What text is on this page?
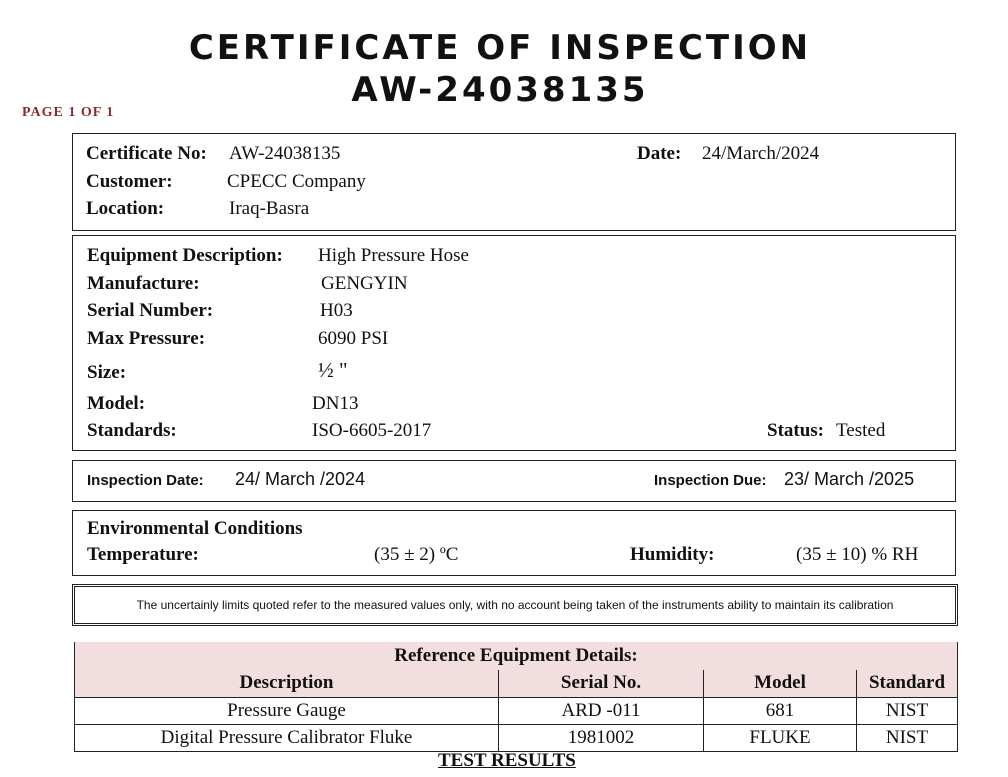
CERTIFICATE OF INSPECTION
AW-24038135
PAGE 1 OF 1
Certificate No: AW-24038135	Date: 24/March/2024
Customer:	CPECC Company
Location:	Iraq-Basra
Equipment Description: High Pressure Hose
Manufacture:	GENGYIN
Serial Number:	H03
Max Pressure:	6090 PSI
Size:	½ "
Model:	DN13
Standards:	ISO-6605-2017	Status: Tested
Inspection Date: 24/ March /2024	Inspection Due: 23/ March /2025
Environmental Conditions
Temperature:	(35 ± 2) ºC	Humidity:	(35 ± 10) % RH
The uncertainly limits quoted refer to the measured values only, with no account being taken of the instruments ability to maintain its calibration
Reference Equipment Details:			
Description	Serial No.	Model	Standard
Pressure Gauge	ARD -011	681	NIST
Digital Pressure Calibrator Fluke	1981002	FLUKE	NIST
TEST RESULTS
